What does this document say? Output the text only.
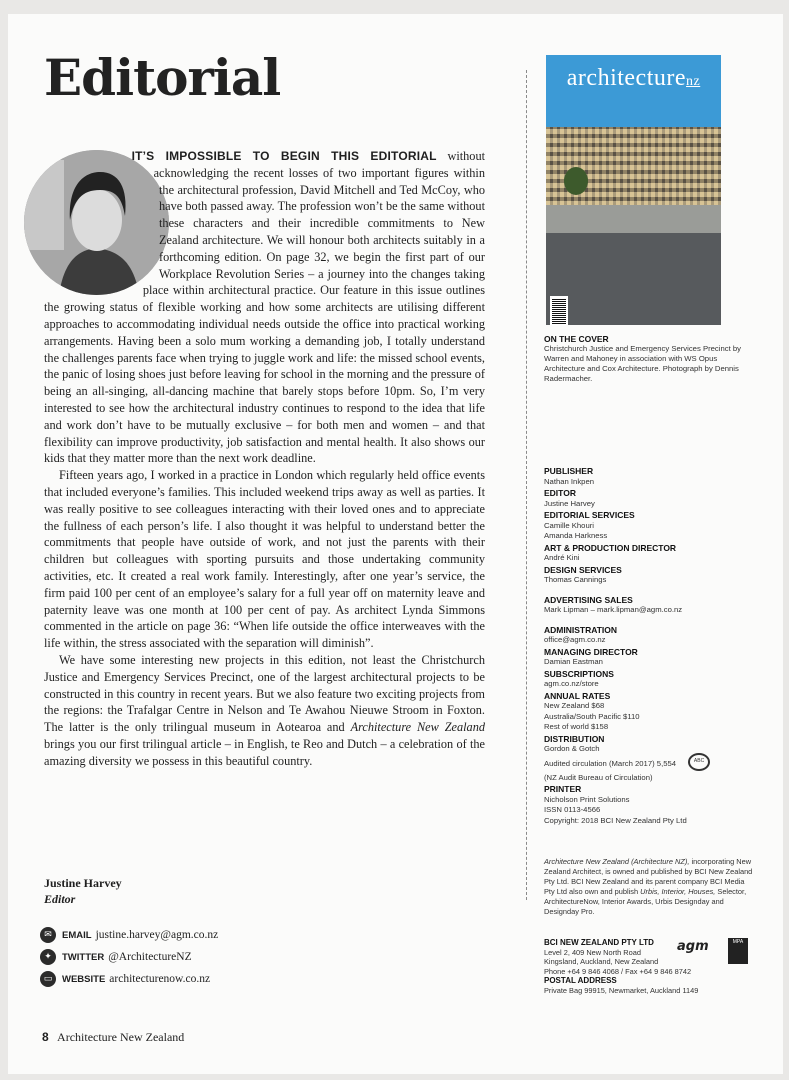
Editorial

IT’S IMPOSSIBLE TO BEGIN THIS EDITORIAL without acknowledging the recent losses of two important figures within the architectural profession, David Mitchell and Ted McCoy, who have both passed away. The profession won’t be the same without these characters and their incredible commitments to New Zealand architecture. We will honour both architects suitably in a forthcoming edition. On page 32, we begin the first part of our Workplace Revolution Series – a journey into the changes taking place within architectural practice. Our feature in this issue outlines the growing status of flexible working and how some architects are utilising different approaches to accommodating individual needs outside the office into practical working arrangements. Having been a solo mum working a demanding job, I totally understand the challenges parents face when trying to juggle work and life: the missed school events, the panic of losing shoes just before leaving for school in the morning and the pressure of being an all-singing, all-dancing machine that barely stops before 10pm. So, I’m very interested to see how the architectural industry continues to respond to the idea that life and work don’t have to be mutually exclusive – for both men and women – and that flexibility can improve productivity, job satisfaction and mental health. It also shows our kids that they matter more than the next work deadline.

Fifteen years ago, I worked in a practice in London which regularly held office events that included everyone’s families. This included weekend trips away as well as parties. It was really positive to see colleagues interacting with their loved ones and to appreciate the fullness of each person’s life. I also thought it was helpful to understand better the commitments that people have outside of work, and not just the parents with their children but colleagues with sporting pursuits and those undertaking community activities, etc. It created a real work family. Interestingly, after one year’s service, the firm paid 100 per cent of an employee’s salary for a full year off on maternity leave and paternity leave was one month at 100 per cent of pay. As architect Lynda Simmons commented in the article on page 36: “When life outside the office interweaves with the life within, the stress associated with the separation will diminish”.

We have some interesting new projects in this edition, not least the Christchurch Justice and Emergency Services Precinct, one of the largest architectural projects to be constructed in this country in recent years. But we also feature two exciting projects from the regions: the Trafalgar Centre in Nelson and Te Awahou Nieuwe Stroom in Foxton. The latter is the only trilingual museum in Aotearoa and Architecture New Zealand brings you our first trilingual article – in English, te Reo and Dutch – a celebration of the amazing diversity we possess in this beautiful country.

Justine Harvey
Editor
✉	EMAIL justine.harvey@agm.co.nz
✦	TWITTER @ArchitectureNZ
▭	WEBSITE architecturenow.co.nz
8 Architecture New Zealand
architecturenz
ON THE COVER
Christchurch Justice and Emergency Services Precinct by Warren and Mahoney in association with WS Opus Architecture and Cox Architecture. Photograph by Dennis Radermacher.
PUBLISHER
Nathan Inkpen
EDITOR
Justine Harvey
EDITORIAL SERVICES
Camille Khouri
Amanda Harkness
ART & PRODUCTION DIRECTOR
André Kini
DESIGN SERVICES
Thomas Cannings
ADVERTISING SALES
Mark Lipman – mark.lipman@agm.co.nz
ADMINISTRATION
office@agm.co.nz
MANAGING DIRECTOR
Damian Eastman
SUBSCRIPTIONS
agm.co.nz/store
ANNUAL RATES
New Zealand $68
Australia/South Pacific $110
Rest of world $158
DISTRIBUTION
Gordon & Gotch
Audited circulation (March 2017) 5,554	ABC
(NZ Audit Bureau of Circulation)
PRINTER
Nicholson Print Solutions
ISSN 0113-4566
Copyright: 2018 BCI New Zealand Pty Ltd
Architecture New Zealand (Architecture NZ), incorporating New Zealand Architect, is owned and published by BCI New Zealand Pty Ltd. BCI New Zealand and its parent company BCI Media Pty Ltd also own and publish Urbis, Interior, Houses, Selector, ArchitectureNow, Interior Awards, Urbis Designday and Designday Pro.
BCI NEW ZEALAND PTY LTD
Level 2, 409 New North Road
Kingsland, Auckland, New Zealand
Phone +64 9 846 4068 / Fax +64 9 846 8742
POSTAL ADDRESS
Private Bag 99915, Newmarket, Auckland 1149
agm	MPA
